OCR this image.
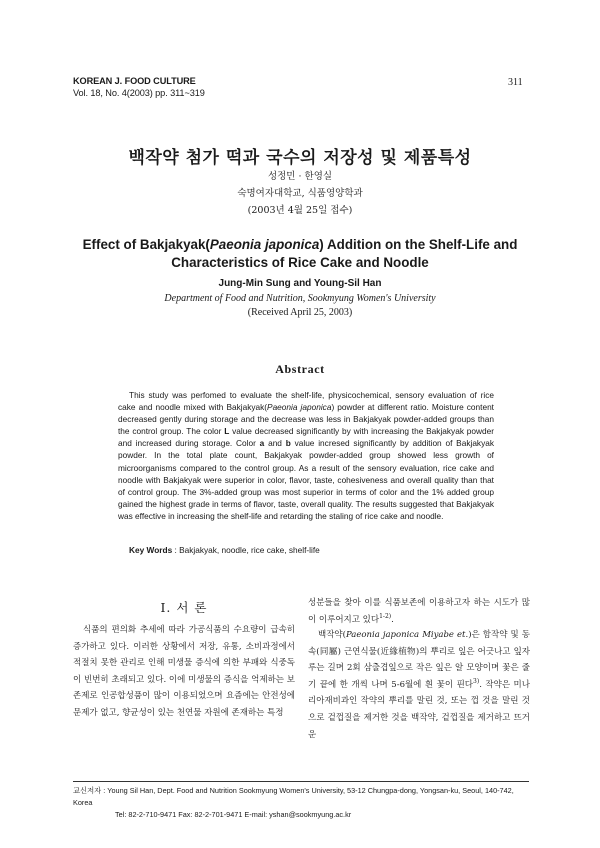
KOREAN J. FOOD CULTURE
Vol. 18, No. 4(2003) pp. 311~319
311
백작약 첨가 떡과 국수의 저장성 및 제품특성
성정민 · 한영실
숙명여자대학교, 식품영양학과
(2003년 4월 25일 접수)
Effect of Bakjakyak(Paeonia japonica) Addition on the Shelf-Life and
Characteristics of Rice Cake and Noodle
Jung-Min Sung and Young-Sil Han
Department of Food and Nutrition, Sookmyung Women's University
(Received April 25, 2003)
Abstract

This study was perfomed to evaluate the shelf-life, physicochemical, sensory evaluation of rice cake and noodle mixed with Bakjakyak(Paeonia japonica) powder at different ratio. Moisture content decreased gently during storage and the decrease was less in Bakjakyak powder-added groups than the control group. The color L value decreased significantly by with increasing the Bakjakyak powder and increased during storage. Color a and b value incresed significantly by addition of Bakjakyak powder. In the total plate count, Bakjakyak powder-added group showed less growth of microorganisms compared to the control group. As a result of the sensory evaluation, rice cake and noodle with Bakjakyak were superior in color, flavor, taste, cohesiveness and overall quality than that of control group. The 3%-added group was most superior in terms of color and the 1% added group gained the highest grade in terms of flavor, taste, overall quality. The results suggested that Bakjakyak was effective in increasing the shelf-life and retarding the staling of rice cake and noodle.

Key Words : Bakjakyak, noodle, rice cake, shelf-life
I. 서 론

식품의 편의화 추세에 따라 가공식품의 수요량이 급속히 증가하고 있다. 이러한 상황에서 저장, 유통, 소비과정에서 적절치 못한 관리로 인해 미생물 증식에 의한 부패와 식중독이 빈번히 초래되고 있다. 이에 미생물의 증식을 억제하는 보존제로 인공합성품이 많이 이용되었으며 요즘에는 안전성에 문제가 없고, 향균성이 있는 천연물 자원에 존재하는 특정

성분들을 찾아 이를 식품보존에 이용하고자 하는 시도가 많이 이루어지고 있다$^{1-2)}$.

백작약(Paeonia japonica Miyabe et.)은 함작약 및 동속(同屬) 근연식물(近緣植物)의 뿌리로 잎은 어긋나고 잎자루는 길며 2회 삼출겹잎으로 작은 잎은 알 모양이며 꽃은 줄기 끝에 한 개씩 나며 5-6월에 흰 꽃이 핀다$^{3)}$. 작약은 미나리아재비과인 작약의 뿌리를 말린 것, 또는 껍 것을 말린 것으로 겉껍질을 제거한 것을 백작약, 겉껍질을 제거하고 뜨거운

교신저자 : Young Sil Han, Dept. Food and Nutrition Sookmyung Women's University, 53-12 Chungpa-dong, Yongsan-ku, Seoul, 140-742, Korea
Tel: 82-2-710-9471 Fax: 82-2-701-9471 E-mail: yshan@sookmyung.ac.kr
